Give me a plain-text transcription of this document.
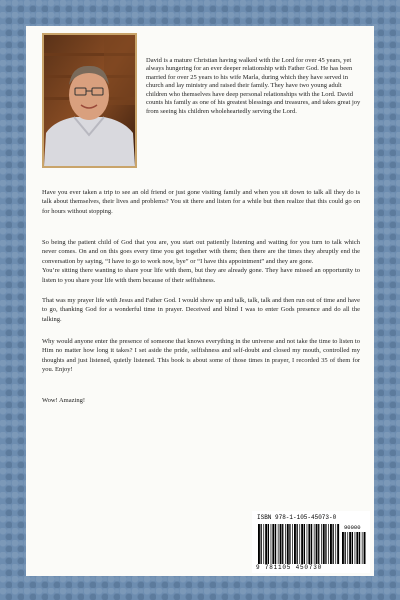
David is a mature Christian having walked with the Lord for over 45 years, yet always hungering for an ever deeper relationship with Father God. He has been married for over 25 years to his wife Marla, during which they have served in church and lay ministry and raised their family. They have two young adult children who themselves have deep personal relationships with the Lord. David counts his family as one of his greatest blessings and treasures, and takes great joy from seeing his children wholeheartedly serving the Lord.

Have you ever taken a trip to see an old friend or just gone visiting family and when you sit down to talk all they do is talk about themselves, their lives and problems? You sit there and listen for a while but then realize that this could go on for hours without stopping.

So being the patient child of God that you are, you start out patiently listening and waiting for you turn to talk which never comes. On and on this goes every time you get together with them; then there are the times they abruptly end the conversation by saying, “I have to go to work now, bye” or “I have this appointment” and they are gone.
You’re sitting there wanting to share your life with them, but they are already gone. They have missed an opportunity to listen to you share your life with them because of their selfishness.

That was my prayer life with Jesus and Father God. I would show up and talk, talk, talk and then run out of time and have to go, thanking God for a wonderful time in prayer. Deceived and blind I was to enter Gods presence and do all the talking.

Why would anyone enter the presence of someone that knows everything in the universe and not take the time to listen to Him no matter how long it takes? I set aside the pride, selfishness and self-doubt and closed my mouth, controlled my thoughts and just listened, quietly listened. This book is about some of those times in prayer, I recorded 35 of them for you. Enjoy!

Wow! Amazing!

ISBN 978-1-105-45073-0
90000
9 781105 450730
